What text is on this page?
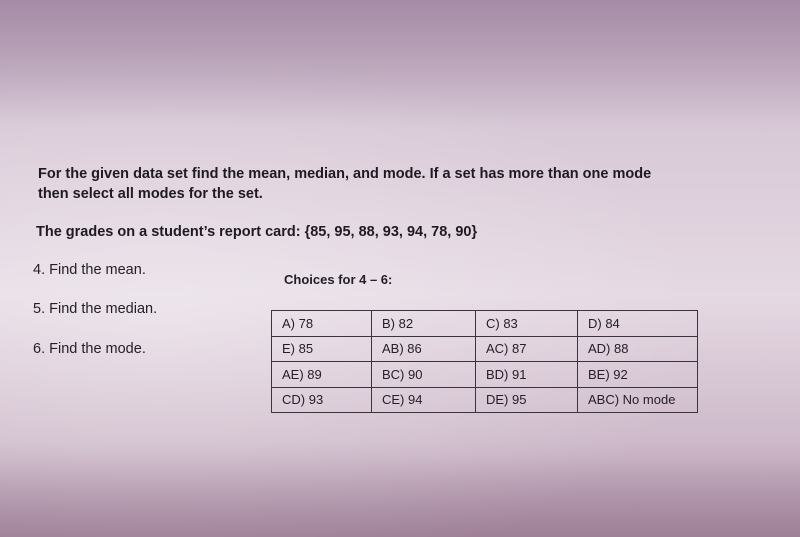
For the given data set find the mean, median, and mode. If a set has more than one mode
then select all modes for the set.
The grades on a student’s report card: {85, 95, 88, 93, 94, 78, 90}
4. Find the mean.
5. Find the median.
6. Find the mode.
Choices for 4 – 6:
A) 78	B) 82	C) 83	D) 84
E) 85	AB) 86	AC) 87	AD) 88
AE) 89	BC) 90	BD) 91	BE) 92
CD) 93	CE) 94	DE) 95	ABC) No mode
